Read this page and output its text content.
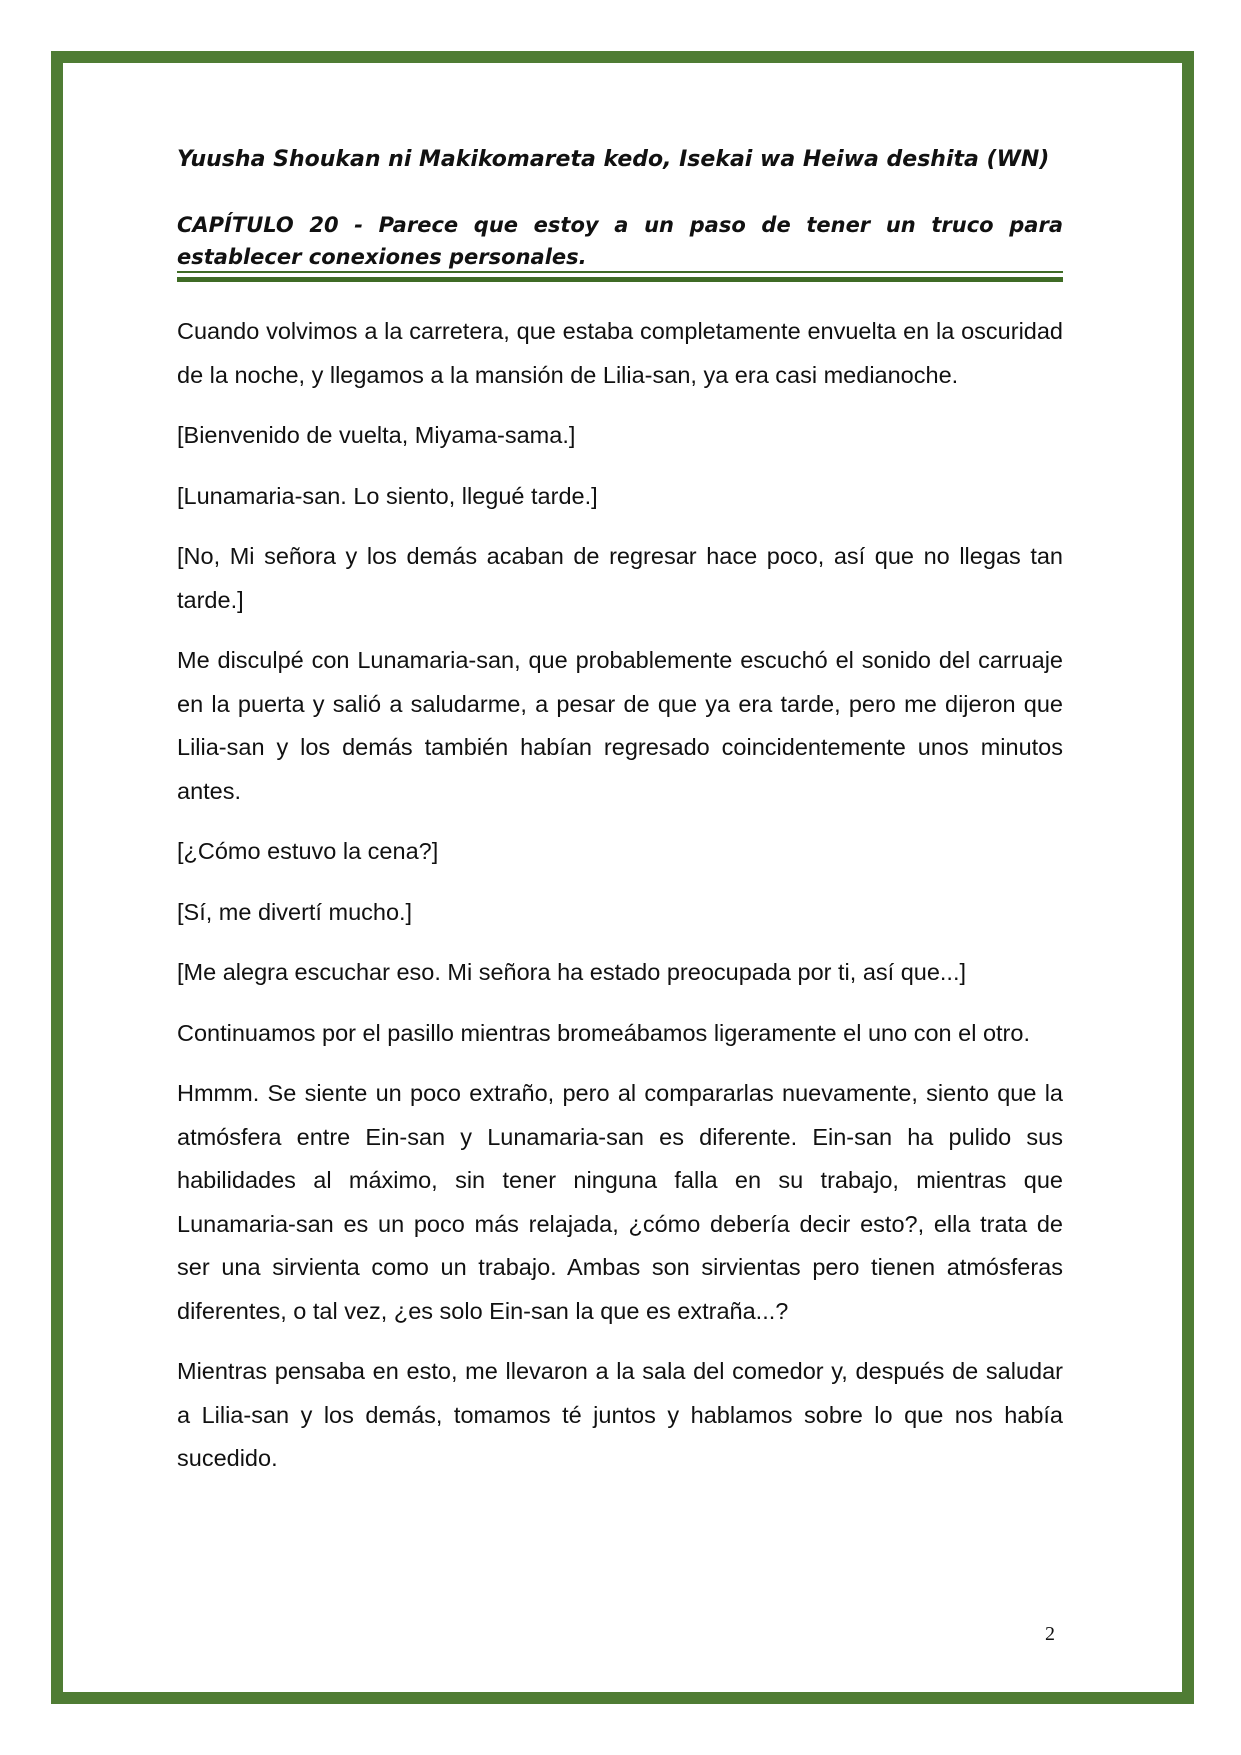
Yuusha Shoukan ni Makikomareta kedo, Isekai wa Heiwa deshita (WN)
CAPÍTULO 20 - Parece que estoy a un paso de tener un truco para establecer conexiones personales.

Cuando volvimos a la carretera, que estaba completamente envuelta en la oscuridad de la noche, y llegamos a la mansión de Lilia-san, ya era casi medianoche.

[Bienvenido de vuelta, Miyama-sama.]

[Lunamaria-san. Lo siento, llegué tarde.]

[No, Mi señora y los demás acaban de regresar hace poco, así que no llegas tan tarde.]

Me disculpé con Lunamaria-san, que probablemente escuchó el sonido del carruaje en la puerta y salió a saludarme, a pesar de que ya era tarde, pero me dijeron que Lilia-san y los demás también habían regresado coincidentemente unos minutos antes.

[¿Cómo estuvo la cena?]

[Sí, me divertí mucho.]

[Me alegra escuchar eso. Mi señora ha estado preocupada por ti, así que...]

Continuamos por el pasillo mientras bromeábamos ligeramente el uno con el otro.

Hmmm. Se siente un poco extraño, pero al compararlas nuevamente, siento que la atmósfera entre Ein-san y Lunamaria-san es diferente. Ein-san ha pulido sus habilidades al máximo, sin tener ninguna falla en su trabajo, mientras que Lunamaria-san es un poco más relajada, ¿cómo debería decir esto?, ella trata de ser una sirvienta como un trabajo. Ambas son sirvientas pero tienen atmósferas diferentes, o tal vez, ¿es solo Ein-san la que es extraña...?

Mientras pensaba en esto, me llevaron a la sala del comedor y, después de saludar a Lilia-san y los demás, tomamos té juntos y hablamos sobre lo que nos había sucedido.

2
